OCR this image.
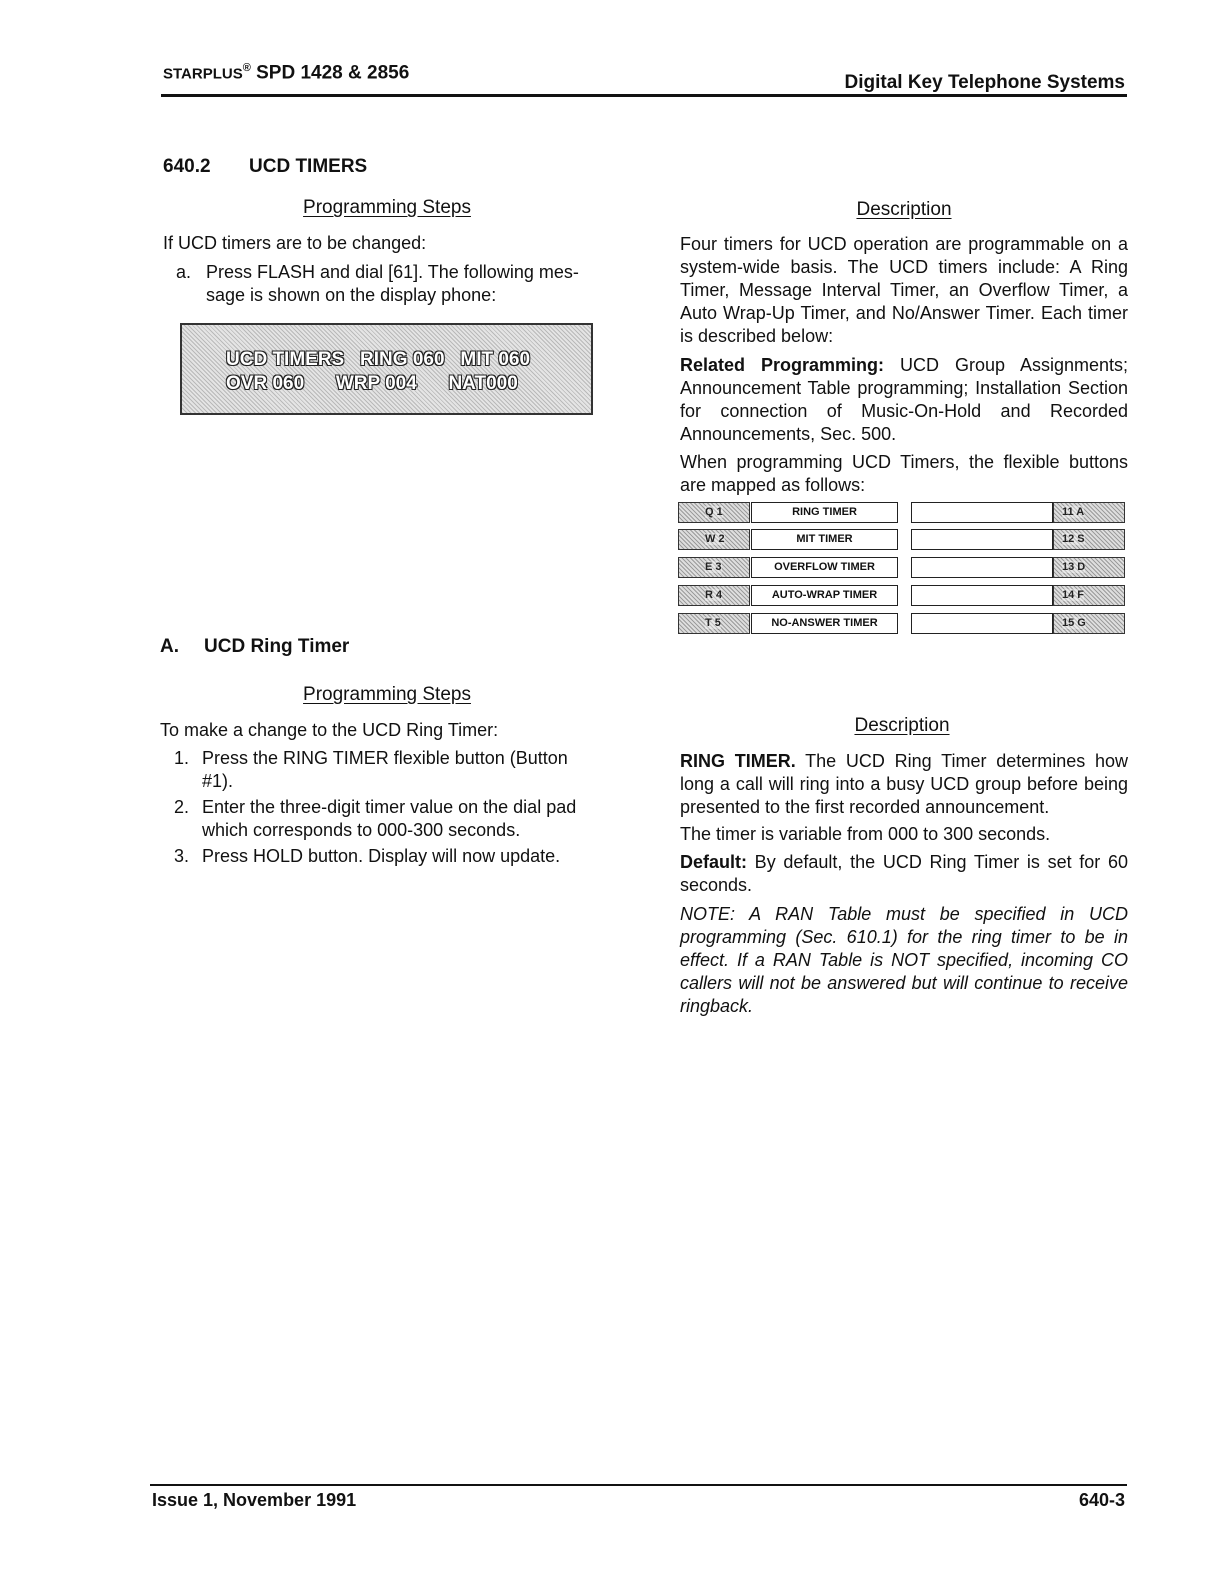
STARPLUS® SPD 1428 & 2856	Digital Key Telephone Systems
640.2 UCD TIMERS
Programming Steps
If UCD timers are to be changed:
a. Press FLASH and dial [61]. The following mes-
sage is shown on the display phone:
UCD TIMERS   RING 060   MIT 060
OVR 060      WRP 004      NAT000
Description
Four timers for UCD operation are programmable on a system-wide basis. The UCD timers include: A Ring Timer, Message Interval Timer, an Overflow Timer, a Auto Wrap-Up Timer, and No/Answer Timer. Each timer is described below:
Related Programming: UCD Group Assignments; Announcement Table programming; Installation Section for connection of Music-On-Hold and Recorded Announcements, Sec. 500.
When programming UCD Timers, the flexible buttons are mapped as follows:
Q 1	RING TIMER	11 A
W 2	MIT TIMER	12 S
E 3	OVERFLOW TIMER	13 D
R 4	AUTO-WRAP TIMER	14 F
T 5	NO-ANSWER TIMER	15 G
A. UCD Ring Timer
Programming Steps
To make a change to the UCD Ring Timer:
1. Press the RING TIMER flexible button (Button
#1).
2. Enter the three-digit timer value on the dial pad
which corresponds to 000-300 seconds.
3. Press HOLD button. Display will now update.
Description
RING TIMER. The UCD Ring Timer determines how long a call will ring into a busy UCD group before being presented to the first recorded announcement.
The timer is variable from 000 to 300 seconds.
Default: By default, the UCD Ring Timer is set for 60 seconds.
NOTE: A RAN Table must be specified in UCD programming (Sec. 610.1) for the ring timer to be in effect. If a RAN Table is NOT specified, incoming CO callers will not be answered but will continue to receive ringback.
Issue 1, November 1991	640-3
